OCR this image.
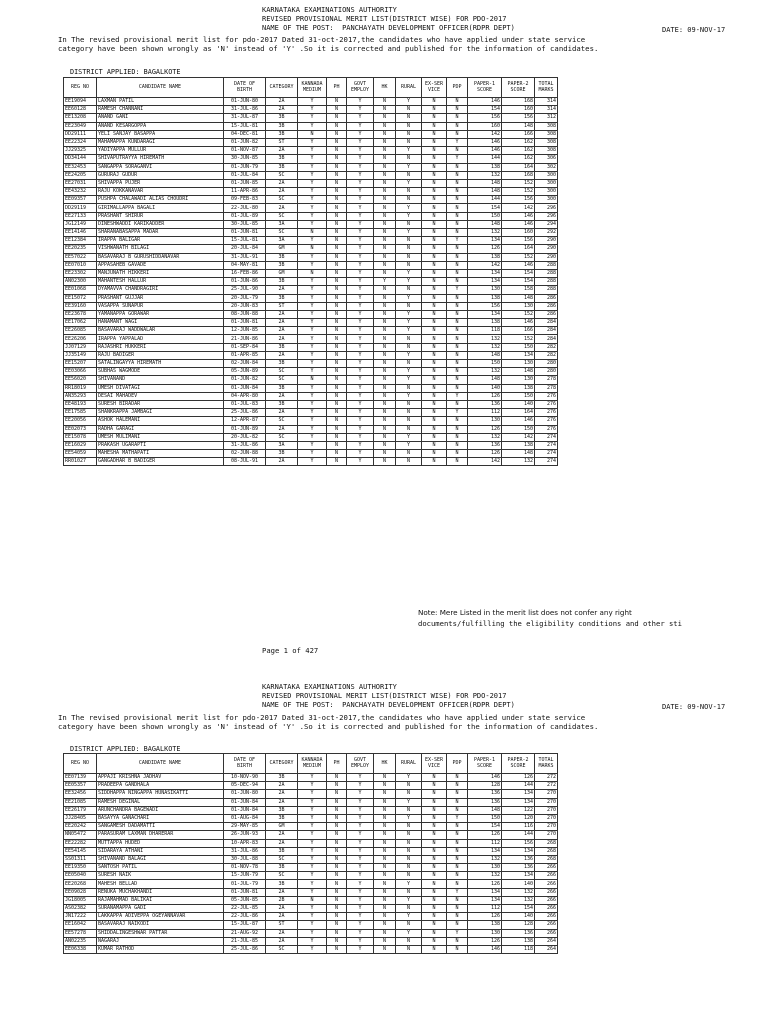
KARNATAKA EXAMINATIONS AUTHORITY
REVISED PROVISIONAL MERIT LIST(DISTRICT WISE) FOR PDO-2017
NAME OF THE POST:  PANCHAYATH DEVELOPMENT OFFICER(RDPR DEPT)	DATE: 09-NOV-17
In The revised provisional merit list for pdo-2017 Dated 31-oct-2017,the candidates who have applied under state service
category have been shown wrongly as 'N' instead of 'Y' .So it is corrected and published for the information of candidates.
DISTRICT APPLIED: BAGALKOTE
REG NO	CANDIDATE NAME	DATE OF BIRTH	CATEGORY	KANNADA MEDIUM	PH	GOVT EMPLOY	HK	RURAL	EX-SER VICE	PDP	PAPER-1 SCORE	PAPER-2 SCORE	TOTAL MARKS
EE19094	LAXMAN PATIL	01-JUN-80	2A	Y	N	Y	N	Y	N	N	146	168	314
EE60128	RAMESH CHANNANI	31-JUL-86	2A	Y	N	Y	N	N	N	N	154	160	314
EE13208	ANAND GANI	31-JUL-87	3B	Y	N	Y	N	N	N	N	156	156	312
EE23049	ANAND KESARGOPPA	15-JUL-81	3B	Y	N	Y	N	N	N	N	160	148	308
DD29111	YELI SANJAY BASAPPA	04-DEC-81	3B	N	N	Y	N	N	N	N	142	166	308
EE22324	MAHAMAPPA KUNDARAGI	01-JUN-82	ST	Y	N	Y	N	N	N	Y	146	162	308
JJ29325	YADIYAPPA MULLUR	01-NOV-87	2A	Y	N	Y	N	Y	N	N	146	162	308
DD34144	SHIVAPUTRAYYA HIREMATH	30-JUN-85	3B	Y	N	Y	N	N	N	Y	144	162	306
EE32453	SANGAPPA SORAGANVI	01-JUN-79	3B	Y	N	Y	N	Y	N	N	138	164	302
EE24205	GURURAJ GUDUR	01-JUL-84	SC	Y	N	Y	N	N	N	N	132	168	300
EE27031	SHIVAPPA PUJER	01-JUN-85	2A	Y	N	Y	N	Y	N	N	148	152	300
EE43232	RAJU KOKKANAVAR	11-APR-86	2A	Y	N	Y	N	N	N	N	148	152	300
EE09357	PUSHPA CHALAWADI ALIAS CHOUDRI	09-FEB-83	SC	Y	N	Y	N	N	N	N	144	156	300
DD29119	GIRIMALLAPPA BAGALI	22-JUL-80	2A	Y	N	Y	N	Y	N	N	154	142	296
EE27133	PRASHANT SHIRUR	01-JUL-89	SC	Y	N	Y	N	Y	N	N	150	146	296
JG12149	DINESHWADDI KARIKADDER	30-JUL-85	3A	Y	N	Y	N	N	N	N	148	146	294
EE14146	SHARANABASAPPA MADAR	01-JUN-81	SC	N	N	Y	N	Y	N	N	132	160	292
EE12384	IRAPPA BALIGAR	15-JUL-81	3A	Y	N	Y	N	N	N	Y	134	156	290
EE20235	VISHWANATH BILAGI	20-JUL-84	GM	N	N	Y	N	N	N	N	126	164	290
EE57022	BASAVARAJ B GURUSHIDDANAVAR	31-JUL-91	3B	Y	N	Y	N	N	N	N	138	152	290
EE07010	APPASAHEB GAVADE	04-MAY-81	3B	Y	N	Y	N	N	N	N	142	146	288
EE23302	MANJUNATH HIKKERI	16-FEB-86	GM	N	N	Y	N	Y	N	N	134	154	288
AN02300	MAHANTESH HALLUR	01-JUN-86	3B	Y	N	Y	Y	Y	N	N	134	154	288
EE01068	DYAMAVVA CHANDRAGIRI	25-JUL-90	2A	Y	N	Y	N	N	N	Y	130	158	288
EE15072	PRASHANT GUJJAR	20-JUL-79	3B	Y	N	Y	N	Y	N	N	138	148	286
EE39160	VASAPPA SUNAPUR	20-JUN-83	ST	Y	N	Y	N	N	N	N	156	130	286
EE23678	YAMANAPPA GORAWAR	08-JUN-88	2A	Y	N	Y	N	Y	N	N	134	152	286
EE17062	HANAMANT WAGI	01-JUN-81	2A	Y	N	Y	N	Y	N	N	138	146	284
EE26085	BASAVARAJ WADDWALAR	12-JUN-85	2A	Y	N	Y	N	Y	N	N	118	166	284
EE26206	IRAPPA YAPPALAD	21-JUN-86	2A	Y	N	Y	N	N	N	N	132	152	284
JJ07129	RAJASHRI HUKKERI	01-SEP-84	3B	Y	N	Y	N	N	N	N	132	150	282
JJ35149	RAJU BADIGER	01-APR-85	2A	Y	N	Y	N	Y	N	N	148	134	282
EE15207	SATALINGAYYA HIREMATH	02-JUN-84	3B	Y	N	Y	N	N	N	N	150	130	280
EE03066	SUBHAS WAGMODE	05-JUN-89	SC	Y	N	Y	N	Y	N	N	132	148	280
EE56020	SHIVANAND	01-JUN-82	SC	N	N	Y	N	Y	N	N	148	130	278
RR18019	UMESH DIVATAGI	01-JUN-84	3B	Y	N	Y	N	N	N	N	140	138	278
AN35293	DESAI MAHADEV	04-APR-80	2A	Y	N	Y	N	Y	N	Y	126	150	276
EE48193	SURESH BIRADAR	01-JUL-83	3B	Y	N	Y	N	N	N	N	136	140	276
EE17585	SHANKRAPPA JAMBAGI	25-JUL-86	2A	Y	N	Y	N	N	N	Y	112	164	276
EE20056	ASHOK HALEMANI	12-APR-87	SC	Y	N	Y	N	N	N	N	130	146	276
EE02073	RADHA GARAGI	01-JUN-89	2A	Y	N	Y	N	N	N	N	126	150	276
EE15078	UMESH MULIMANI	20-JUL-82	SC	Y	N	Y	N	Y	N	N	132	142	274
EE16029	PRAKASH UGARAPTI	31-JUL-86	3A	Y	N	Y	N	Y	N	N	136	138	274
EE54059	MAHESHA MATHAPATI	02-JUN-88	3B	Y	N	Y	N	N	N	N	126	148	274
RR01027	GANGADHAR B BADIGER	08-JUL-91	2A	Y	N	Y	N	N	N	N	142	132	274
Note: Mere Listed in the merit list does not confer any right
documents/fulfilling the eligibility conditions and other sti
Page 1 of 427
KARNATAKA EXAMINATIONS AUTHORITY
REVISED PROVISIONAL MERIT LIST(DISTRICT WISE) FOR PDO-2017
NAME OF THE POST:  PANCHAYATH DEVELOPMENT OFFICER(RDPR DEPT)	DATE: 09-NOV-17
In The revised provisional merit list for pdo-2017 Dated 31-oct-2017,the candidates who have applied under state service
category have been shown wrongly as 'N' instead of 'Y' .So it is corrected and published for the information of candidates.
DISTRICT APPLIED: BAGALKOTE
REG NO	CANDIDATE NAME	DATE OF BIRTH	CATEGORY	KANNADA MEDIUM	PH	GOVT EMPLOY	HK	RURAL	EX-SER VICE	PDP	PAPER-1 SCORE	PAPER-2 SCORE	TOTAL MARKS
EE07139	APPAJI KRISHNA JADHAV	10-NOV-90	3B	Y	N	Y	N	Y	N	N	146	126	272
EE05357	PRADEEPA GANDHALA	05-DEC-94	2A	Y	N	Y	N	N	N	N	128	144	272
EE32456	SIDDHAPPA NINGAPPA HUNASIKATTI	01-JUN-80	2A	Y	N	Y	N	N	N	N	136	134	270
EE21085	RAMESH DEGINAL	01-JUN-84	2A	Y	N	Y	N	Y	N	N	136	134	270
EE26179	ARUNCHANDRA BAGEWADI	01-JUN-84	3B	Y	N	Y	N	N	N	N	148	122	270
JJ28405	BASAYYA GANACHARI	01-AUG-84	3B	Y	N	Y	N	Y	N	Y	150	120	270
EE20242	SANGAMESH DADAMATTI	29-MAY-85	GM	Y	N	Y	N	N	N	N	154	116	270
NN05472	PARASURAM LAXMAN DHARERAR	26-JUN-93	2A	Y	N	Y	N	N	N	N	126	144	270
EE22282	MUTTAPPA HUDED	10-APR-83	2A	Y	N	Y	N	N	N	N	112	156	268
EE54145	SIDARAYA ATHANI	31-JUL-86	3B	Y	N	Y	N	N	N	N	134	134	268
SS01311	SHIVANAND BALAGI	30-JUL-88	SC	Y	N	Y	N	N	N	N	132	136	268
EE19350	SANTOSH PATIL	01-NOV-78	3B	Y	N	Y	N	N	N	N	130	136	266
EE05040	SURESH NAIK	15-JUN-79	SC	Y	N	Y	N	N	N	N	132	134	266
EE20268	MAHESH BELLAD	01-JUL-79	3B	Y	N	Y	N	Y	N	N	126	140	266
EE09028	RENUKA MUCHAKHANDI	01-JUN-81	2A	Y	N	Y	N	N	N	Y	134	132	266
JG18005	RAJAMAHMAD BALIKAI	05-JUN-85	2B	N	N	Y	N	Y	N	N	134	132	266
AS02382	SURANAMAPPA GADI	22-JUL-85	2A	Y	N	Y	N	N	N	N	112	154	266
JN17222	LAKKAPPA ADIVEPPA OGEYANNAVAR	22-JUL-86	2A	Y	N	Y	N	Y	N	N	126	140	266
EE16042	BASAVARAJ NAIKODI	15-JUL-87	ST	Y	N	Y	N	N	N	N	138	128	266
EE57278	SHIDDALINGESHWAR PATTAR	21-AUG-92	2A	Y	N	Y	N	Y	N	Y	130	136	266
AN02235	NAGARAJ	21-JUL-85	2A	Y	N	Y	N	N	N	N	126	138	264
EE06338	KUMAR RATHOD	25-JUL-86	SC	Y	N	Y	N	N	N	N	146	118	264
